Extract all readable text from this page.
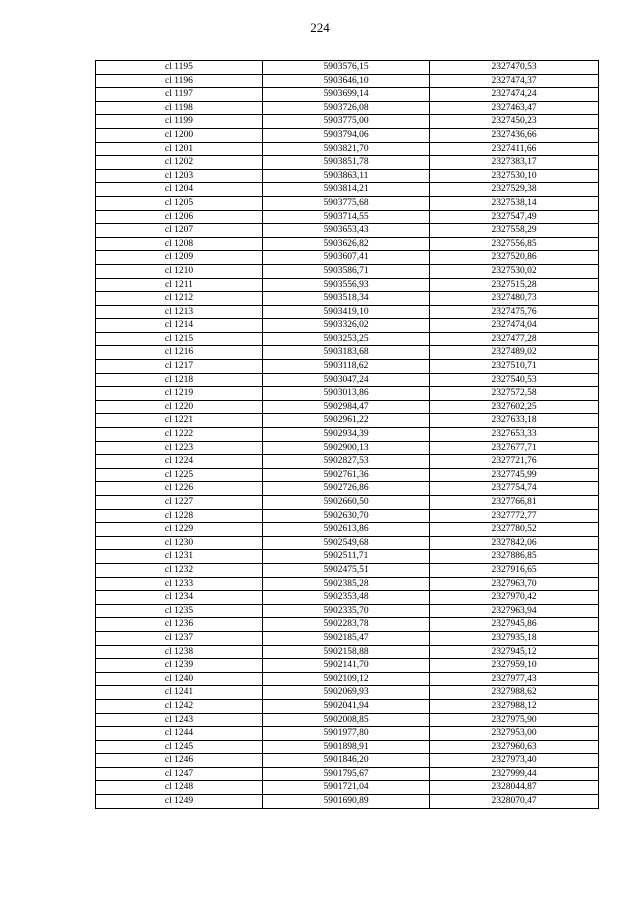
224
cl 1195	5903576,15	2327470,53
cl 1196	5903646,10	2327474,37
cl 1197	5903699,14	2327474,24
cl 1198	5903726,08	2327463,47
cl 1199	5903775,00	2327450,23
cl 1200	5903794,06	2327436,66
cl 1201	5903821,70	2327411,66
cl 1202	5903851,78	2327383,17
cl 1203	5903863,11	2327530,10
cl 1204	5903814,21	2327529,38
cl 1205	5903775,68	2327538,14
cl 1206	5903714,55	2327547,49
cl 1207	5903653,43	2327558,29
cl 1208	5903626,82	2327556,85
cl 1209	5903607,41	2327520,86
cl 1210	5903586,71	2327530,02
cl 1211	5903556,93	2327515,28
cl 1212	5903518,34	2327480,73
cl 1213	5903419,10	2327475,76
cl 1214	5903326,02	2327474,04
cl 1215	5903253,25	2327477,28
cl 1216	5903183,68	2327489,02
cl 1217	5903118,62	2327510,71
cl 1218	5903047,24	2327540,53
cl 1219	5903013,86	2327572,58
cl 1220	5902984,47	2327602,25
cl 1221	5902961,22	2327633,18
cl 1222	5902934,39	2327653,33
cl 1223	5902900,13	2327677,71
cl 1224	5902827,53	2327721,76
cl 1225	5902761,36	2327745,99
cl 1226	5902726,86	2327754,74
cl 1227	5902660,50	2327766,81
cl 1228	5902630,70	2327772,77
cl 1229	5902613,86	2327780,52
cl 1230	5902549,68	2327842,06
cl 1231	5902511,71	2327886,85
cl 1232	5902475,51	2327916,65
cl 1233	5902385,28	2327963,70
cl 1234	5902353,48	2327970,42
cl 1235	5902335,70	2327963,94
cl 1236	5902283,78	2327945,86
cl 1237	5902185,47	2327935,18
cl 1238	5902158,88	2327945,12
cl 1239	5902141,70	2327959,10
cl 1240	5902109,12	2327977,43
cl 1241	5902069,93	2327988,62
cl 1242	5902041,94	2327988,12
cl 1243	5902008,85	2327975,90
cl 1244	5901977,80	2327953,00
cl 1245	5901898,91	2327960,63
cl 1246	5901846,20	2327973,40
cl 1247	5901795,67	2327999,44
cl 1248	5901721,04	2328044,87
cl 1249	5901690,89	2328070,47
